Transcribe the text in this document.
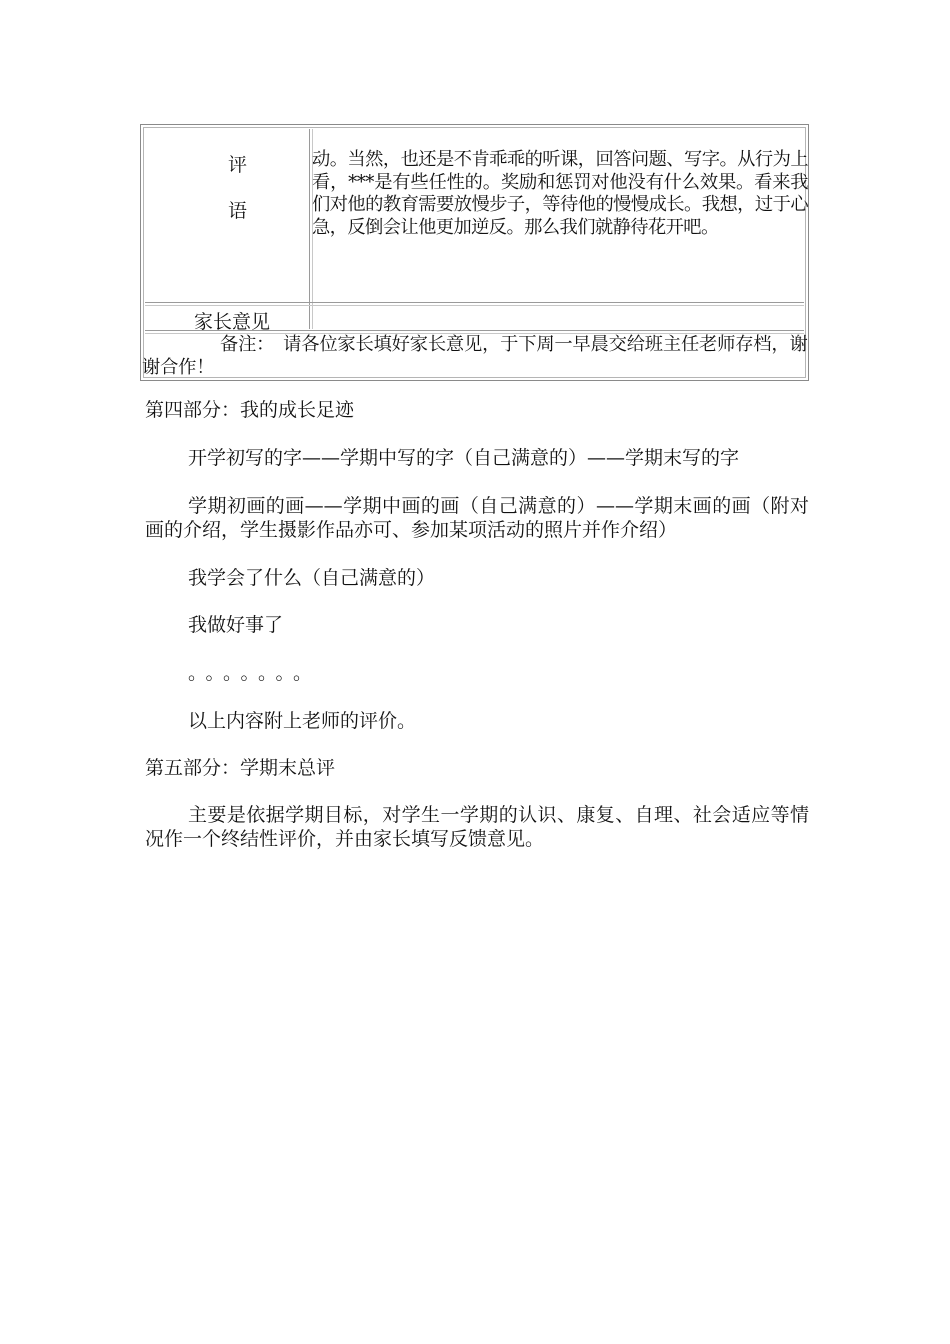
评
语
动。当然，也还是不肯乖乖的听课，回答问题、写字。从行为上看，***是有些任性的。奖励和惩罚对他没有什么效果。看来我们对他的教育需要放慢步子，等待他的慢慢成长。我想，过于心急，反倒会让他更加逆反。那么我们就静待花开吧。
家长意见
备注：　请各位家长填好家长意见，于下周一早晨交给班主任老师存档，谢谢合作！
第四部分：我的成长足迹
开学初写的字——学期中写的字（自己满意的）——学期末写的字
学期初画的画——学期中画的画（自己满意的）——学期末画的画（附对画的介绍，学生摄影作品亦可、参加某项活动的照片并作介绍）
我学会了什么（自己满意的）
我做好事了
。。。。。。。
以上内容附上老师的评价。
第五部分：学期末总评
主要是依据学期目标，对学生一学期的认识、康复、自理、社会适应等情况作一个终结性评价，并由家长填写反馈意见。
